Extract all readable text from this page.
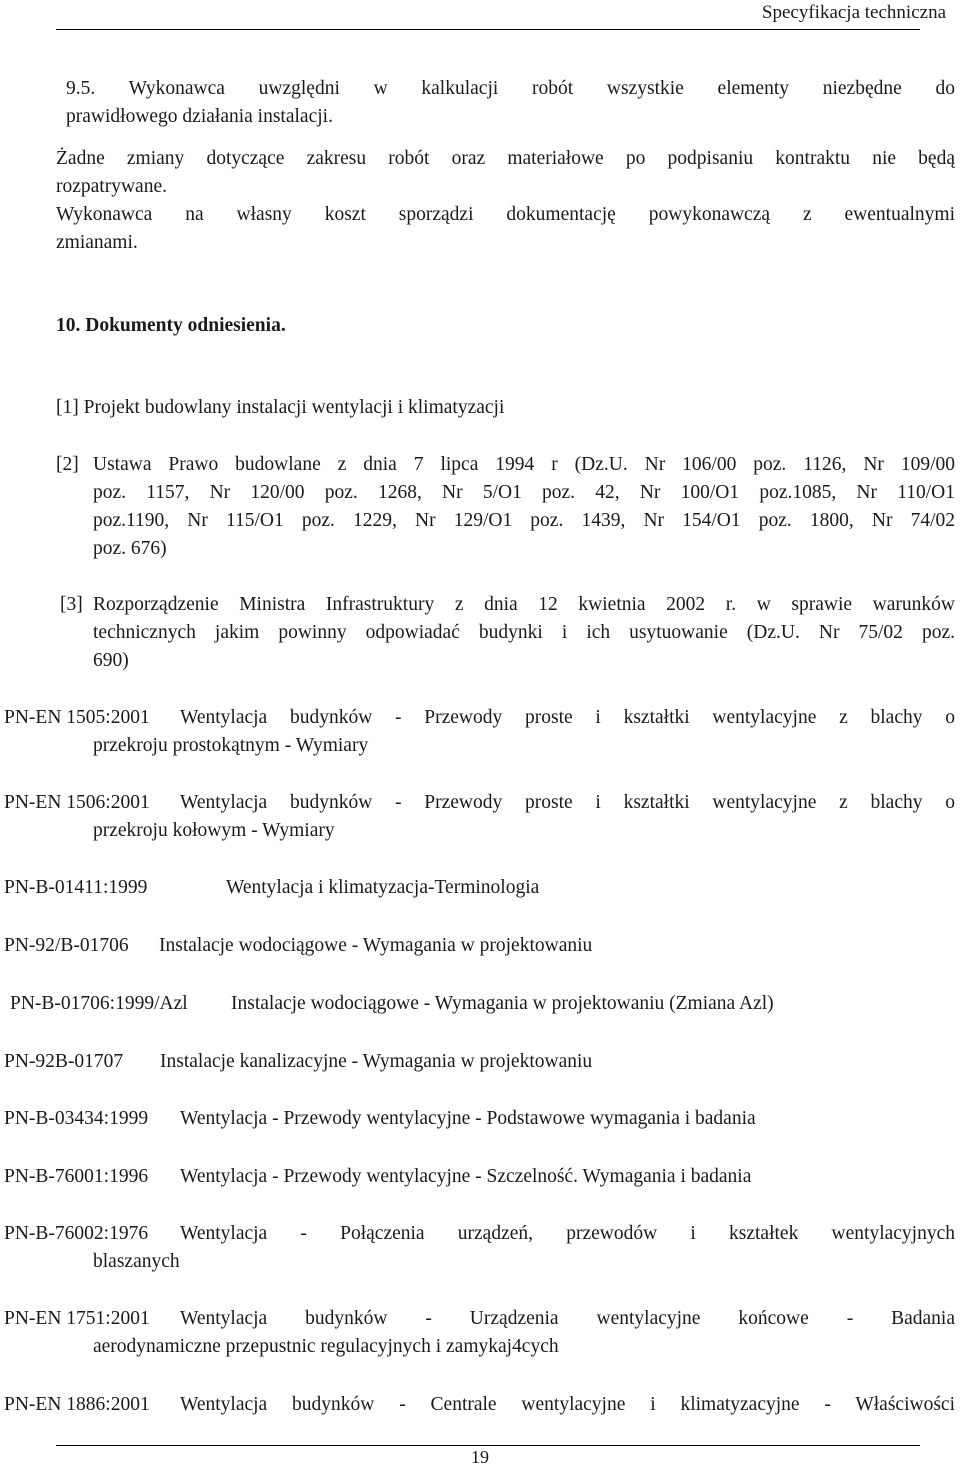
Specyfikacja techniczna
9.5. Wykonawca uwzględni w kalkulacji robót wszystkie elementy niezbędne do
prawidłowego działania instalacji.
Żadne zmiany dotyczące zakresu robót oraz materiałowe po podpisaniu kontraktu nie będą
rozpatrywane.
Wykonawca na własny koszt sporządzi dokumentację powykonawczą z ewentualnymi
zmianami.
10. Dokumenty odniesienia.
[1] Projekt budowlany instalacji wentylacji i klimatyzacji
[2] Ustawa Prawo budowlane z dnia 7 lipca 1994 r (Dz.U. Nr 106/00 poz. 1126, Nr 109/00
poz. 1157, Nr 120/00 poz. 1268, Nr 5/O1 poz. 42, Nr 100/O1 poz.1085, Nr 110/O1
poz.1190, Nr 115/O1 poz. 1229, Nr 129/O1 poz. 1439, Nr 154/O1 poz. 1800, Nr 74/02
poz. 676)
[3] Rozporządzenie Ministra Infrastruktury z dnia 12 kwietnia 2002 r. w sprawie warunków
technicznych jakim powinny odpowiadać budynki i ich usytuowanie (Dz.U. Nr 75/02 poz.
690)
PN-EN 1505:2001 Wentylacja budynków - Przewody proste i kształtki wentylacyjne z blachy o
przekroju prostokątnym - Wymiary
PN-EN 1506:2001 Wentylacja budynków - Przewody proste i kształtki wentylacyjne z blachy o
przekroju kołowym - Wymiary
PN-B-01411:1999	Wentylacja i klimatyzacja-Terminologia
PN-92/B-01706 Instalacje wodociągowe - Wymagania w projektowaniu
PN-B-01706:1999/Azl Instalacje wodociągowe - Wymagania w projektowaniu (Zmiana Azl)
PN-92B-01707 Instalacje kanalizacyjne - Wymagania w projektowaniu
PN-B-03434:1999 Wentylacja - Przewody wentylacyjne - Podstawowe wymagania i badania
PN-B-76001:1996 Wentylacja - Przewody wentylacyjne - Szczelność. Wymagania i badania
PN-B-76002:1976 Wentylacja - Połączenia urządzeń, przewodów i kształtek wentylacyjnych
blaszanych
PN-EN 1751:2001 Wentylacja budynków - Urządzenia wentylacyjne końcowe - Badania
aerodynamiczne przepustnic regulacyjnych i zamykaj4cych
PN-EN 1886:2001 Wentylacja budynków - Centrale wentylacyjne i klimatyzacyjne - Właściwości
19
